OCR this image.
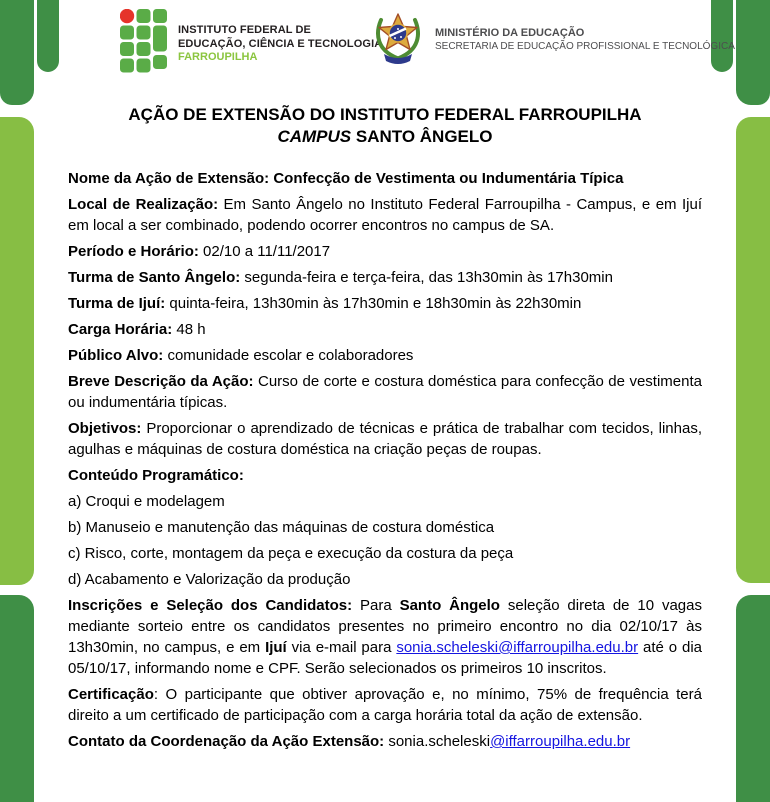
INSTITUTO FEDERAL DE
EDUCAÇÃO, CIÊNCIA E TECNOLOGIA
FARROUPILHA
MINISTÉRIO DA EDUCAÇÃO
SECRETARIA DE EDUCAÇÃO PROFISSIONAL E TECNOLÓGICA
AÇÃO DE EXTENSÃO DO INSTITUTO FEDERAL FARROUPILHA
CAMPUS SANTO ÂNGELO

Nome da Ação de Extensão: Confecção de Vestimenta ou Indumentária Típica

Local de Realização: Em Santo Ângelo no Instituto Federal Farroupilha - Campus, e em Ijuí em local a ser combinado, podendo ocorrer encontros no campus de SA.

Período e Horário: 02/10 a 11/11/2017

Turma de Santo Ângelo: segunda-feira e terça-feira, das 13h30min às 17h30min

Turma de Ijuí: quinta-feira, 13h30min às 17h30min e 18h30min às 22h30min

Carga Horária: 48 h

Público Alvo: comunidade escolar e colaboradores

Breve Descrição da Ação: Curso de corte e costura doméstica para confecção de vestimenta ou indumentária típicas.

Objetivos: Proporcionar o aprendizado de técnicas e prática de trabalhar com tecidos, linhas, agulhas e máquinas de costura doméstica na criação peças de roupas.

Conteúdo Programático:

a) Croqui e modelagem

b) Manuseio e manutenção das máquinas de costura doméstica

c) Risco, corte, montagem da peça e execução da costura da peça

d) Acabamento e Valorização da produção

Inscrições e Seleção dos Candidatos: Para Santo Ângelo seleção direta de 10 vagas mediante sorteio entre os candidatos presentes no primeiro encontro no dia 02/10/17 às 13h30min, no campus, e em Ijuí via e-mail para sonia.scheleski@iffarroupilha.edu.br até o dia 05/10/17, informando nome e CPF. Serão selecionados os primeiros 10 inscritos.

Certificação: O participante que obtiver aprovação e, no mínimo, 75% de frequência terá direito a um certificado de participação com a carga horária total da ação de extensão.

Contato da Coordenação da Ação Extensão: sonia.scheleski@iffarroupilha.edu.br
